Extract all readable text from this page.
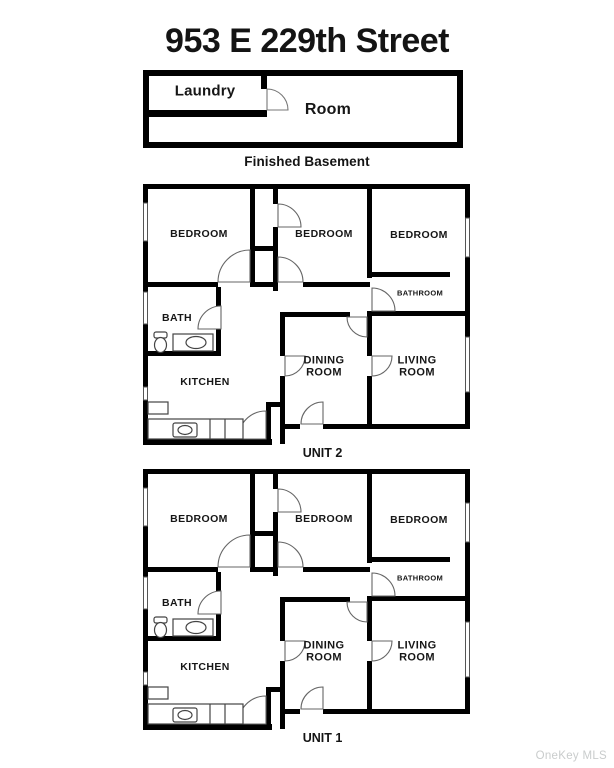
953 E 229th Street
Laundry
Room
Finished Basement
BEDROOM	BEDROOM	BEDROOM
BATHROOM
BATH
KITCHEN
DINING ROOM
LIVING ROOM
UNIT 2
BEDROOM	BEDROOM	BEDROOM
BATHROOM
BATH
KITCHEN
DINING ROOM
LIVING ROOM
UNIT 1
OneKey MLS
